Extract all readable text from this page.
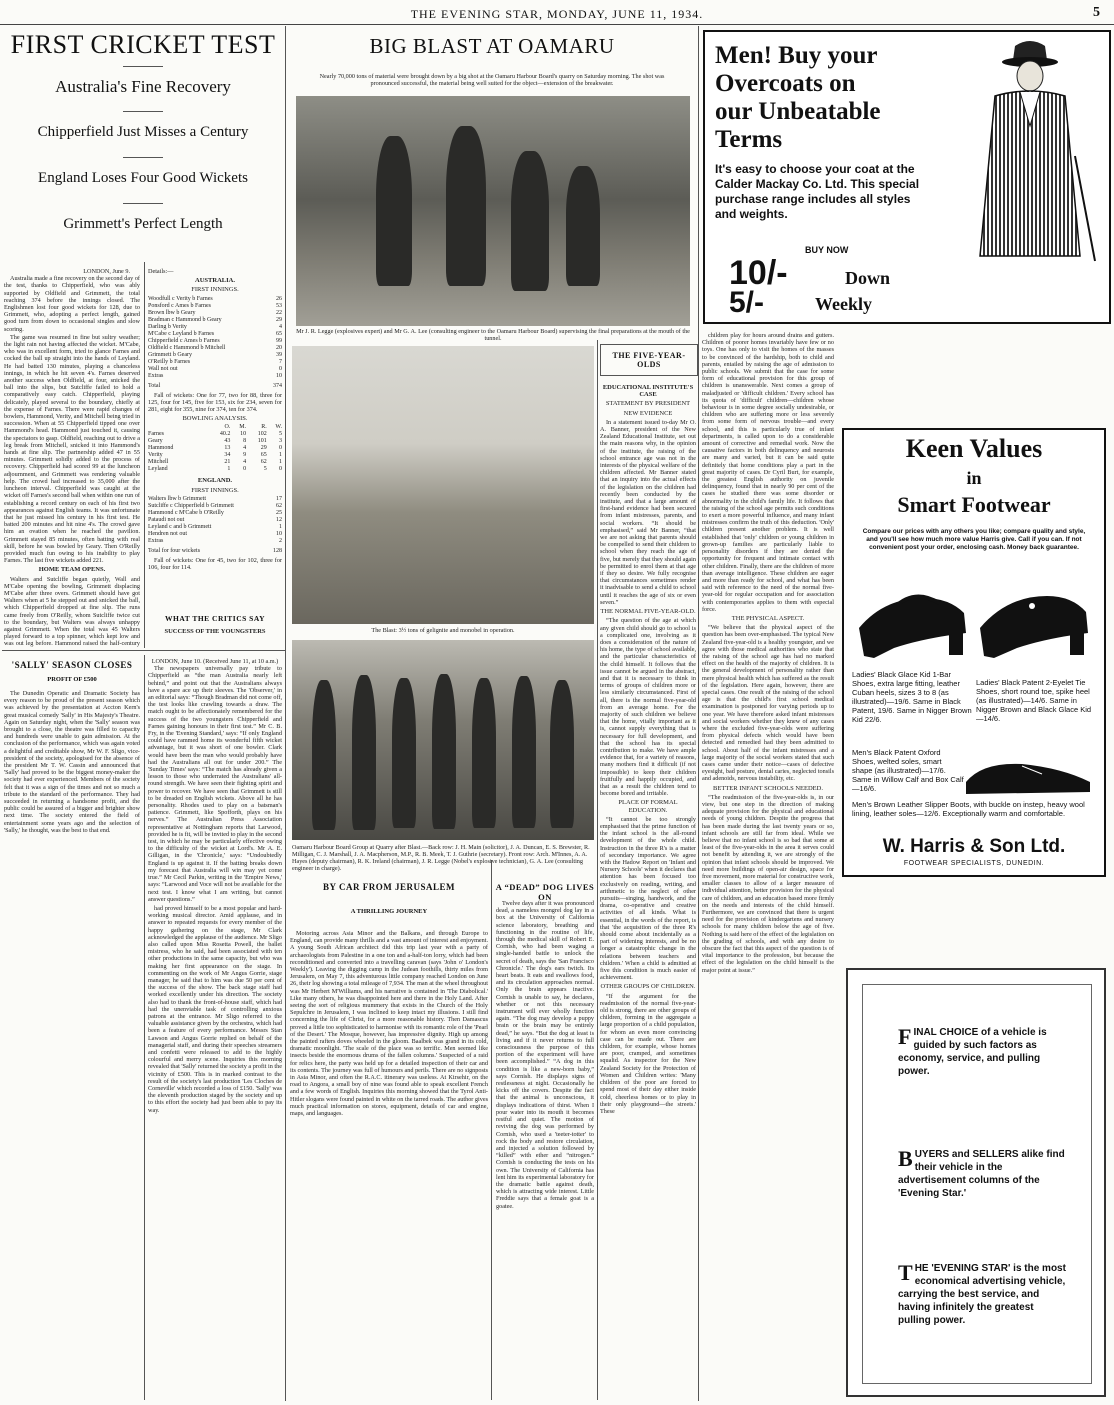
THE EVENING STAR, MONDAY, JUNE 11, 1934.	5
FIRST CRICKET TEST

Australia's Fine Recovery

Chipperfield Just Misses a Century

England Loses Four Good Wickets

Grimmett's Perfect Length

LONDON, June 9.

Australia made a fine recovery on the second day of the test, thanks to Chipperfield, who was ably supported by Oldfield and Grimmett, the total reaching 374 before the innings closed. The Englishmen lost four good wickets for 128, due to Grimmett, who, adopting a perfect length, gained good turn from down to occasional singles and slow scoring.

The game was resumed in fine but sultry weather; the light rain not having affected the wicket. M'Cabe, who was in excellent form, tried to glance Farnes and cocked the ball up straight into the hands of Leyland. He had batted 130 minutes, playing a chanceless innings, in which he hit seven 4's. Farnes deserved another success when Oldfield, at four, snicked the ball into the slips, but Sutcliffe failed to hold a comparatively easy catch. Chipperfield, playing delicately, played several to the boundary, chiefly at the expense of Farnes. There were rapid changes of bowlers, Hammond, Verity, and Mitchell being tried in succession. When at 55 Chipperfield tipped one over Hammond's head. Hammond just touched it, causing the spectators to gasp. Oldfield, reaching out to drive a leg break from Mitchell, snicked it into Hammond's hands at fine slip. The partnership added 47 in 55 minutes. Grimmett solidly added to the process of recovery. Chipperfield had scored 99 at the luncheon adjournment, and Grimmett was rendering valuable help. The crowd had increased to 35,000 after the luncheon interval. Chipperfield was caught at the wicket off Farnes's second ball when within one run of establishing a record century on each of his first two appearances against English teams. It was unfortunate that he just missed his century in his first test. He batted 200 minutes and hit nine 4's. The crowd gave him an ovation when he reached the pavilion. Grimmett stayed 85 minutes, often batting with real skill, before he was bowled by Geary. Then O'Reilly provided much fun owing to his inability to play Farnes. The last five wickets added 221.

HOME TEAM OPENS.

Walters and Sutcliffe began quietly, Wall and M'Cabe opening the bowling, Grimmett displacing M'Cabe after three overs. Grimmett should have got Walters when at 5 he stepped out and snicked the ball, which Chipperfield dropped at fine slip. The runs came freely from O'Reilly, whom Sutcliffe twice cut to the boundary, but Walters was always unhappy against Grimmett. When the total was 45 Walters played forward to a top spinner, which kept low and was out leg before. Hammond raised the half-century

Details:—
AUSTRALIA.
FIRST INNINGS.
Woodfull c Verity b Farnes	26
Ponsford c Ames b Farnes	53
Brown lbw b Geary	22
Bradman c Hammond b Geary	29
Darling b Verity	4
M'Cabe c Leyland b Farnes	65
Chipperfield c Ames b Farnes	99
Oldfield c Hammond b Mitchell	20
Grimmett b Geary	39
O'Reilly b Farnes	7
Wall not out	0
Extras	10
Total	374

Fall of wickets: One for 77, two for 88, three for 125, four for 145, five for 153, six for 234, seven for 281, eight for 355, nine for 374, ten for 374.

BOWLING ANALYSIS.
	O.	M.	R.	W.
Farnes	40.2	10	102	5
Geary	43	8	101	3
Hammond	13	4	29	0
Verity	34	9	65	1
Mitchell	21	4	62	1
Leyland	1	0	5	0
ENGLAND.
FIRST INNINGS.
Walters lbw b Grimmett	17
Sutcliffe c Chipperfield b Grimmett	62
Hammond c M'Cabe b O'Reilly	25
Pataudi not out	12
Leyland c and b Grimmett	1
Hendren not out	10
Extras	2
Total for four wickets	128

Fall of wickets: One for 45, two for 102, three for 106, four for 114.

WHAT THE CRITICS SAY
SUCCESS OF THE YOUNGSTERS
LONDON, June 10. (Received June 11, at 10 a.m.)

The newspapers universally pay tribute to Chipperfield as “the man Australia nearly left behind,” and point out that the Australians always have a spare ace up their sleeves. The 'Observer,' in an editorial says: “Though Bradman did not come off, the test looks like crawling towards a draw. The match ought to be affectionately remembered for the success of the two youngsters Chipperfield and Farnes gaining honours in their first test.” Mr C. B. Fry, in the 'Evening Standard,' says: “If only England could have rammed home its wonderful fifth wicket advantage, but it was short of one bowler. Clark would have been the man who would probably have had the Australians all out for under 200.” The 'Sunday Times' says: “The match has already given a lesson to those who underrated the Australians' all-round strength. We have seen their fighting spirit and power to recover. We have seen that Grimmett is still to be dreaded on English wickets. Above all he has personality. Rhodes used to play on a batsman's patience. Grimmett, like Spofforth, plays on his nerves.” The Australian Press Association representative at Nottingham reports that Larwood, provided he is fit, will be invited to play in the second test, in which he may be particularly effective owing to the difficulty of the wicket at Lord's. Mr A. E. Gilligan, in the 'Chronicle,' says: “Undoubtedly England is up against it. If the batting breaks down my forecast that Australia will win may yet come true.” Mr Cecil Parkin, writing in the 'Empire News,' says: “Larwood and Voce will not be available for the next test. I know what I am writing, but cannot answer questions.”

had proved himself to be a most popular and hard-working musical director. Amid applause, and in answer to repeated requests for every member of the happy gathering on the stage, Mr Clark acknowledged the applause of the audience. Mr Sligo also called upon Miss Rosetta Powell, the ballet mistress, who he said, had been associated with ten other productions in the same capacity, but who was making her first appearance on the stage. In commenting on the work of Mr Angus Gorrie, stage manager, he said that to him was due 50 per cent of the success of the show. The back stage staff had worked excellently under his direction. The society also had to thank the front-of-house staff, which had had the unenviable task of controlling anxious patrons at the entrance. Mr Sligo referred to the valuable assistance given by the orchestra, which had been a feature of every performance. Messrs Stan Lawson and Angus Gorrie replied on behalf of the managerial staff, and during their speeches streamers and confetti were released to add to the highly colourful and merry scene. Inquiries this morning revealed that 'Sally' returned the society a profit in the vicinity of £500. This is in marked contrast to the result of the society's last production 'Les Cloches de Corneville' which recorded a loss of £150. 'Sally' was the eleventh production staged by the society and up to this effort the society had just been able to pay its way.

'SALLY' SEASON CLOSES
PROFIT OF £500

The Dunedin Operatic and Dramatic Society has every reason to be proud of the present season which was achieved by the presentation at Accton Kern's great musical comedy 'Sally' in His Majesty's Theatre. Again on Saturday night, when the 'Sally' season was brought to a close, the theatre was filled to capacity and hundreds were unable to gain admission. At the conclusion of the performance, which was again voted a delightful and creditable show, Mr W. F. Sligo, vice-president of the society, apologised for the absence of the president Mr T. W. Cassin and announced that 'Sally' had proved to be the biggest money-maker the society had ever experienced. Members of the society felt that it was a sign of the times and not so much a tribute to the standard of the performance. They had succeeded in returning a handsome profit, and the public could be assured of a bigger and brighter show next time. The society entered the field of entertainment some years ago and the selection of 'Sally,' he thought, was the best to that end.

BIG BLAST AT OAMARU
Nearly 70,000 tons of material were brought down by a big shot at the Oamaru Harbour Board's quarry on Saturday morning. The shot was pronounced successful, the material being well suited for the object—extension of the breakwater.
Mr J. R. Legge (explosives expert) and Mr G. A. Lee (consulting engineer to the Oamaru Harbour Board) supervising the final preparations at the mouth of the tunnel.
The Blast: 3½ tons of gelignite and monobel in operation.
Oamaru Harbour Board Group at Quarry after Blast.—Back row: J. H. Main (solicitor), J. A. Duncan, E. S. Brewster, R. Milligan, C. J. Marshall, J. A. Macpherson, M.P., R. B. Meek, T. J. Guthrie (secretary). Front row: Arch. M'Innes, A. A. Hayes (deputy chairman), R. K. Ireland (chairman), J. R. Legge (Nobel's explosive technician), G. A. Lee (consulting engineer in charge).
BY CAR FROM JERUSALEM
A THRILLING JOURNEY

Motoring across Asia Minor and the Balkans, and through Europe to England, can provide many thrills and a vast amount of interest and enjoyment. A young South African architect did this trip last year with a party of archaeologists from Palestine in a one ton and a-half-ton lorry, which had been reconditioned and converted into a travelling caravan (says 'John o' London's Weekly'). Leaving the digging camp in the Judean foothills, thirty miles from Jerusalem, on May 7, this adventurous little company reached London on June 26, their log showing a total mileage of 7,934. The man at the wheel throughout was Mr Herbert M'Williams, and his narrative is contained in 'The Diabolical.' Like many others, he was disappointed here and there in the Holy Land. After seeing the sort of religious mummery that exists in the Church of the Holy Sepulchre in Jerusalem, I was inclined to keep intact my illusions. I still find concerning the life of Christ, for a more reasonable history. Then Damascus proved a little too sophisticated to harmonise with its romantic role of the 'Pearl of the Desert.' The Mosque, however, has impressive dignity. High up among the painted rafters doves wheeled in the gloom. Baalbek was grand in its cold, dramatic moonlight. 'The scale of the place was so terrific. Men seemed like insects beside the enormous drums of the fallen columns.' Suspected of a raid for relics here, the party was held up for a detailed inspection of their car and its contents. The journey was full of humours and perils. There are no signposts in Asia Minor, and often the R.A.C. itinerary was useless. At Kirsehir, on the road to Angora, a small boy of nine was found able to speak excellent French and a few words of English. Inquiries this morning showed that the Tyrol Anti-Hitler slogans were found painted in white on the tarred roads. The author gives much practical information on stores, equipment, details of car and engine, maps, and languages.

A “DEAD” DOG LIVES ON

Twelve days after it was pronounced dead, a nameless mongrel dog lay in a box at the University of California science laboratory, breathing and functioning in the routine of life, through the medical skill of Robert E. Cornish, who had been waging a single-handed battle to unlock the secret of death, says the 'San Francisco Chronicle.' The dog's ears twitch. Its heart beats. It eats and swallows food, and its circulation approaches normal. Only the brain appears inactive. Cornish is unable to say, he declares, whether or not this necessary instrument will ever wholly function again. “The dog may develop a puppy brain or the brain may be entirely dead,” he says. “But the dog at least is living and if it never returns to full consciousness the purpose of this portion of the experiment will have been accomplished.” “A dog in this condition is like a new-born baby,” says Cornish. He displays signs of restlessness at night. Occasionally he kicks off the covers. Despite the fact that the animal is unconscious, it displays indications of thirst. When I pour water into its mouth it becomes restful and quiet. The motion of reviving the dog was performed by Cornish, who used a 'teeter-totter' to rock the body and restore circulation, and injected a solution followed by “killed” with ether and “nitrogen.” Cornish is conducting the tests on his own. The University of California has lent him its experimental laboratory for the dramatic battle against death, which is attracting wide interest. Little Freddie says that a female goat is a goatee.

THE FIVE-YEAR-OLDS
EDUCATIONAL INSTITUTE'S CASE
STATEMENT BY PRESIDENT
NEW EVIDENCE

In a statement issued to-day Mr O. A. Banner, president of the New Zealand Educational Institute, set out the main reasons why, in the opinion of the institute, the raising of the school entrance age was not in the interests of the physical welfare of the children affected. Mr Banner stated that an inquiry into the actual effects of the legislation on the children had recently been conducted by the institute, and that a large amount of first-hand evidence had been secured from infant mistresses, parents, and social workers. “It should be emphasised,” said Mr Banner, “that we are not asking that parents should be compelled to send their children to school when they reach the age of five, but merely that they should again be permitted to enrol them at that age if they so desire. We fully recognise that circumstances sometimes render it inadvisable to send a child to school until it reaches the age of six or even seven.”

THE NORMAL FIVE-YEAR-OLD.

“The question of the age at which any given child should go to school is a complicated one, involving as it does a consideration of the nature of his home, the type of school available, and the particular characteristics of the child himself. It follows that the issue cannot be argued in the abstract, and that it is necessary to think in terms of groups of children more or less similarly circumstanced. First of all, there is the normal five-year-old from an average home. For the majority of such children we believe that the home, vitally important as it is, cannot supply everything that is necessary for full development, and that the school has its special contribution to make. We have ample evidence that, for a variety of reasons, many mothers find it difficult (if not impossible) to keep their children fruitfully and happily occupied, and that as a result the children tend to become bored and irritable.

PLACE OF FORMAL EDUCATION.

“It cannot be too strongly emphasised that the prime function of the infant school is the all-round development of the whole child. Instruction in the three R's is a matter of secondary importance. We agree with the Hadow Report on 'Infant and Nursery Schools' when it declares that attention has been focused too exclusively on reading, writing, and arithmetic to the neglect of other pursuits—singing, handwork, and the drama, co-operative and creative activities of all kinds. What is essential, in the words of the report, is that 'the acquisition of the three R's should come about incidentally as a part of widening interests, and be no longer a catastrophic change in the relations between teachers and children.' When a child is admitted at five this condition is much easier of achievement.

OTHER GROUPS OF CHILDREN.

“If the argument for the readmission of the normal five-year-old is strong, there are other groups of children, forming in the aggregate a large proportion of a child population, for whom an even more convincing case can be made out. There are children, for example, whose homes are poor, cramped, and sometimes squalid. As inspector for the New Zealand Society for the Protection of Women and Children writes: 'Many children of the poor are forced to spend most of their day either inside cold, cheerless homes or to play in their only playground—the streets.' These

children play for hours around drains and gutters. Children of poorer homes invariably have few or no toys. One has only to visit the homes of the masses to be convinced of the hardship, both to child and parents, entailed by raising the age of admission to public schools. We submit that the case for some form of educational provision for this group of children is unanswerable. Next comes a group of maladjusted or 'difficult children.' Every school has its quota of 'difficult' children—children whose behaviour is in some degree socially undesirable, or children who are suffering more or less severely from some form of nervous trouble—and every school, and this is particularly true of infant departments, is called upon to do a considerable amount of corrective and remedial work. Now the causative factors in both delinquency and neurosis are many and varied, but it can be said quite definitely that home conditions play a part in the great majority of cases. Dr Cyril Burt, for example, the greatest English authority on juvenile delinquency, found that in nearly 90 per cent of the cases he studied there was some disorder or abnormality in the child's family life. It follows that the raising of the school age permits such conditions to exert a more powerful influence, and many infant mistresses confirm the truth of this deduction. 'Only' children present another problem. It is well established that 'only' children or young children in grown-up families are particularly liable to personality disorders if they are denied the opportunity for frequent and intimate contact with other children. Finally, there are the children of more than average intelligence. These children are eager and more than ready for school, and what has been said with reference to the need of the normal five-year-old for regular occupation and for association with contemporaries applies to them with especial force.

THE PHYSICAL ASPECT.

“We believe that the physical aspect of the question has been over-emphasised. The typical New Zealand five-year-old is a healthy youngster, and we agree with those medical authorities who state that the raising of the school age has had no marked effect on the health of the majority of children. It is the general development of personality rather than mere physical health which has suffered as the result of the legislation. Here again, however, there are special cases. One result of the raising of the school age is that the child's first school medical examination is postponed for varying periods up to one year. We have therefore asked infant mistresses and social workers whether they knew of any cases where the excluded five-year-olds were suffering from physical defects which would have been detected and remedied had they been admitted to school. About half of the infant mistresses and a large majority of the social workers stated that such cases came under their notice—cases of defective eyesight, bad posture, dental caries, neglected tonsils and adenoids, nervous instability, etc.

BETTER INFANT SCHOOLS NEEDED.

“The readmission of the five-year-olds is, in our view, but one step in the direction of making adequate provision for the physical and educational needs of young children. Despite the progress that has been made during the last twenty years or so, infant schools are still far from ideal. While we believe that no infant school is so bad that some at least of the five-year-olds in the area it serves could not benefit by attending it, we are strongly of the opinion that infant schools should be improved. We need more buildings of open-air design, space for free movement, more material for constructive work, smaller classes to allow of a larger measure of individual attention, better provision for the physical care of children, and an education based more firmly on the needs and interests of the child himself. Furthermore, we are convinced that there is urgent need for the provision of kindergartens and nursery schools for many children below the age of five. Nothing is said here of the effect of the legislation on the grading of schools, and with any desire to obscure the fact that this aspect of the question is of vital importance to the profession, but because the effect of the legislation on the child himself is the major point at issue.”

Men! Buy your
Overcoats on
our Unbeatable
Terms
It's easy to choose your coat at the Calder Mackay Co. Ltd. This special purchase range includes all styles and weights.
BUY NOW
10/-	Down
5/-	Weekly
Keen Values
in
Smart Footwear
Compare our prices with any others you like; compare quality and style, and you'll see how much more value Harris give. Call if you can. If not convenient post your order, enclosing cash. Money back guarantee.
Ladies' Black Glace Kid 1-Bar Shoes, extra large fitting, leather Cuban heels, sizes 3 to 8 (as illustrated)—19/6. Same in Black Patent, 19/6. Same in Nigger Brown Kid 22/6.
Ladies' Black Patent 2-Eyelet Tie Shoes, short round toe, spike heel (as illustrated)—14/6. Same in Nigger Brown and Black Glace Kid—14/6.
Men's Black Patent Oxford Shoes, welted soles, smart shape (as illustrated)—17/6. Same in Willow Calf and Box Calf—16/6.
Men's Brown Leather Slipper Boots, with buckle on instep, heavy wool lining, leather soles—12/6. Exceptionally warm and comfortable.
W. Harris & Son Ltd.
FOOTWEAR SPECIALISTS, DUNEDIN.
FINAL CHOICE of a vehicle is guided by such factors as economy, service, and pulling power.
BUYERS and SELLERS alike find their vehicle in the advertisement columns of the 'Evening Star.'
THE 'EVENING STAR' is the most economical advertising vehicle, carrying the best service, and having infinitely the greatest pulling power.
